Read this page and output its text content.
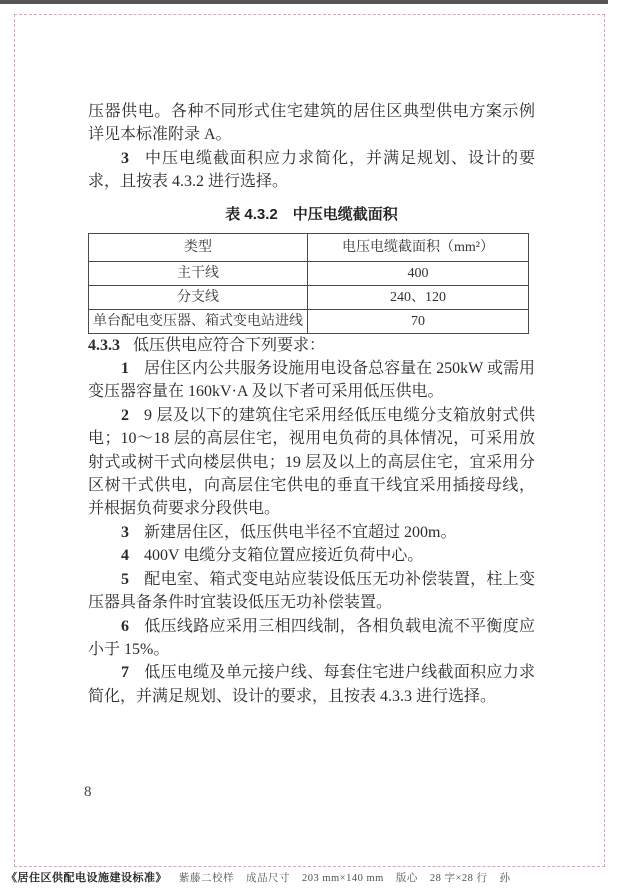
压器供电。各种不同形式住宅建筑的居住区典型供电方案示例详见本标准附录 A。

3 中压电缆截面积应力求简化，并满足规划、设计的要求，且按表 4.3.2 进行选择。

表 4.3.2　中压电缆截面积
类型	电压电缆截面积（mm²）
主干线	400
分支线	240、120
单台配电变压器、箱式变电站进线	70

4.3.3 低压供电应符合下列要求：

1 居住区内公共服务设施用电设备总容量在 250kW 或需用变压器容量在 160kV·A 及以下者可采用低压供电。

2 9 层及以下的建筑住宅采用经低压电缆分支箱放射式供电；10～18 层的高层住宅，视用电负荷的具体情况，可采用放射式或树干式向楼层供电；19 层及以上的高层住宅，宜采用分区树干式供电，向高层住宅供电的垂直干线宜采用插接母线，并根据负荷要求分段供电。

3 新建居住区，低压供电半径不宜超过 200m。

4 400V 电缆分支箱位置应接近负荷中心。

5 配电室、箱式变电站应装设低压无功补偿装置，柱上变压器具备条件时宜装设低压无功补偿装置。

6 低压线路应采用三相四线制，各相负载电流不平衡度应小于 15%。

7 低压电缆及单元接户线、每套住宅进户线截面积应力求简化，并满足规划、设计的要求，且按表 4.3.3 进行选择。

8
《居住区供配电设施建设标准》 紫藤二校样 成品尺寸 203 mm×140 mm 版心 28 字×28 行 孙
